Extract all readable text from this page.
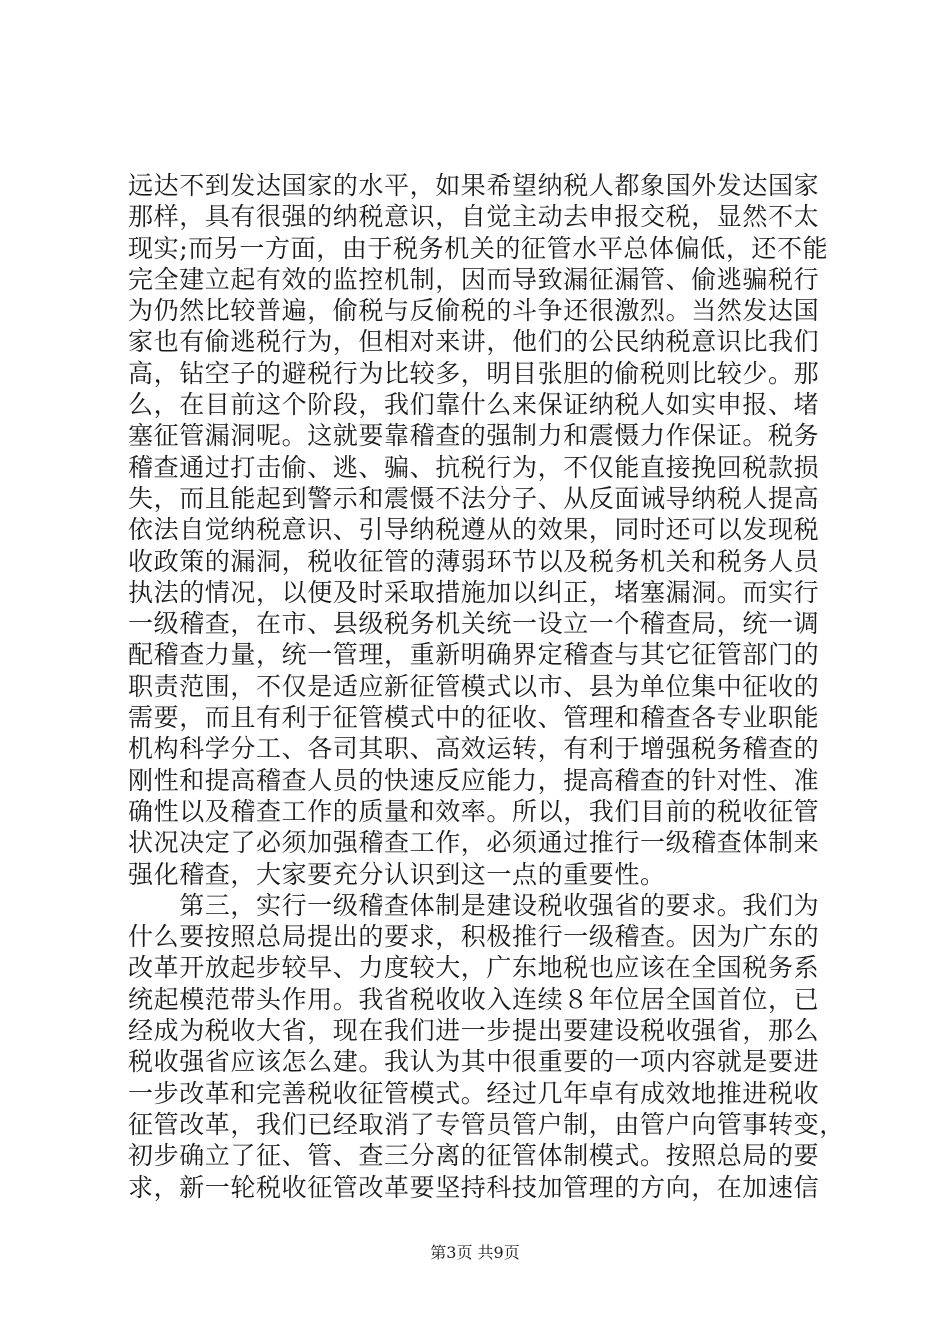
远达不到发达国家的水平，如果希望纳税人都象国外发达国家
那样，具有很强的纳税意识，自觉主动去申报交税，显然不太
现实;而另一方面，由于税务机关的征管水平总体偏低，还不能
完全建立起有效的监控机制，因而导致漏征漏管、偷逃骗税行
为仍然比较普遍，偷税与反偷税的斗争还很激烈。当然发达国
家也有偷逃税行为，但相对来讲，他们的公民纳税意识比我们
高，钻空子的避税行为比较多，明目张胆的偷税则比较少。那
么，在目前这个阶段，我们靠什么来保证纳税人如实申报、堵
塞征管漏洞呢。这就要靠稽查的强制力和震慑力作保证。税务
稽查通过打击偷、逃、骗、抗税行为，不仅能直接挽回税款损
失，而且能起到警示和震慑不法分子、从反面诫导纳税人提高
依法自觉纳税意识、引导纳税遵从的效果，同时还可以发现税
收政策的漏洞，税收征管的薄弱环节以及税务机关和税务人员
执法的情况，以便及时采取措施加以纠正，堵塞漏洞。而实行
一级稽查，在市、县级税务机关统一设立一个稽查局，统一调
配稽查力量，统一管理，重新明确界定稽查与其它征管部门的
职责范围，不仅是适应新征管模式以市、县为单位集中征收的
需要，而且有利于征管模式中的征收、管理和稽查各专业职能
机构科学分工、各司其职、高效运转，有利于增强税务稽查的
刚性和提高稽查人员的快速反应能力，提高稽查的针对性、准
确性以及稽查工作的质量和效率。所以，我们目前的税收征管
状况决定了必须加强稽查工作，必须通过推行一级稽查体制来
强化稽查，大家要充分认识到这一点的重要性。
　　第三，实行一级稽查体制是建设税收强省的要求。我们为
什么要按照总局提出的要求，积极推行一级稽查。因为广东的
改革开放起步较早、力度较大，广东地税也应该在全国税务系
统起模范带头作用。我省税收收入连续８年位居全国首位，已
经成为税收大省，现在我们进一步提出要建设税收强省，那么
税收强省应该怎么建。我认为其中很重要的一项内容就是要进
一步改革和完善税收征管模式。经过几年卓有成效地推进税收
征管改革，我们已经取消了专管员管户制，由管户向管事转变，
初步确立了征、管、查三分离的征管体制模式。按照总局的要
求，新一轮税收征管改革要坚持科技加管理的方向，在加速信
第3页 共9页
